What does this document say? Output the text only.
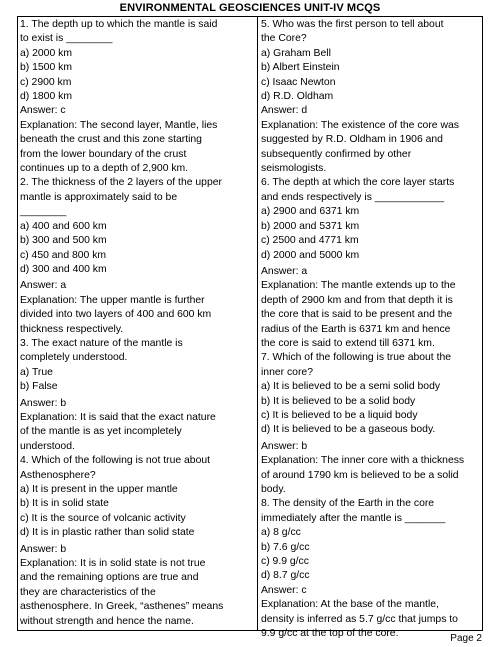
ENVIRONMENTAL GEOSCIENCES UNIT-IV MCQS
1. The depth up to which the mantle is said
to exist is ________
a) 2000 km
b) 1500 km
c) 2900 km
d) 1800 km
Answer: c
Explanation: The second layer, Mantle, lies
beneath the crust and this zone starting
from the lower boundary of the crust
continues up to a depth of 2,900 km.
2. The thickness of the 2 layers of the upper
mantle is approximately said to be
________
a) 400 and 600 km
b) 300 and 500 km
c) 450 and 800 km
d) 300 and 400 km
Answer: a
Explanation: The upper mantle is further
divided into two layers of 400 and 600 km
thickness respectively.
3. The exact nature of the mantle is
completely understood.
a) True
b) False
Answer: b
Explanation: It is said that the exact nature
of the mantle is as yet incompletely
understood.
4. Which of the following is not true about
Asthenosphere?
a) It is present in the upper mantle
b) It is in solid state
c) It is the source of volcanic activity
d) It is in plastic rather than solid state
Answer: b
Explanation: It is in solid state is not true
and the remaining options are true and
they are characteristics of the
asthenosphere. In Greek, “asthenes” means
without strength and hence the name.
5. Who was the first person to tell about
the Core?
a) Graham Bell
b) Albert Einstein
c) Isaac Newton
d) R.D. Oldham
Answer: d
Explanation: The existence of the core was
suggested by R.D. Oldham in 1906 and
subsequently confirmed by other
seismologists.
6. The depth at which the core layer starts
and ends respectively is ____________
a) 2900 and 6371 km
b) 2000 and 5371 km
c) 2500 and 4771 km
d) 2000 and 5000 km
Answer: a
Explanation: The mantle extends up to the
depth of 2900 km and from that depth it is
the core that is said to be present and the
radius of the Earth is 6371 km and hence
the core is said to extend till 6371 km.
7. Which of the following is true about the
inner core?
a) It is believed to be a semi solid body
b) It is believed to be a solid body
c) It is believed to be a liquid body
d) It is believed to be a gaseous body.
Answer: b
Explanation: The inner core with a thickness
of around 1790 km is believed to be a solid
body.
8. The density of the Earth in the core
immediately after the mantle is _______
a) 8 g/cc
b) 7.6 g/cc
c) 9.9 g/cc
d) 8.7 g/cc
Answer: c
Explanation: At the base of the mantle,
density is inferred as 5.7 g/cc that jumps to
9.9 g/cc at the top of the core.	Page 2
